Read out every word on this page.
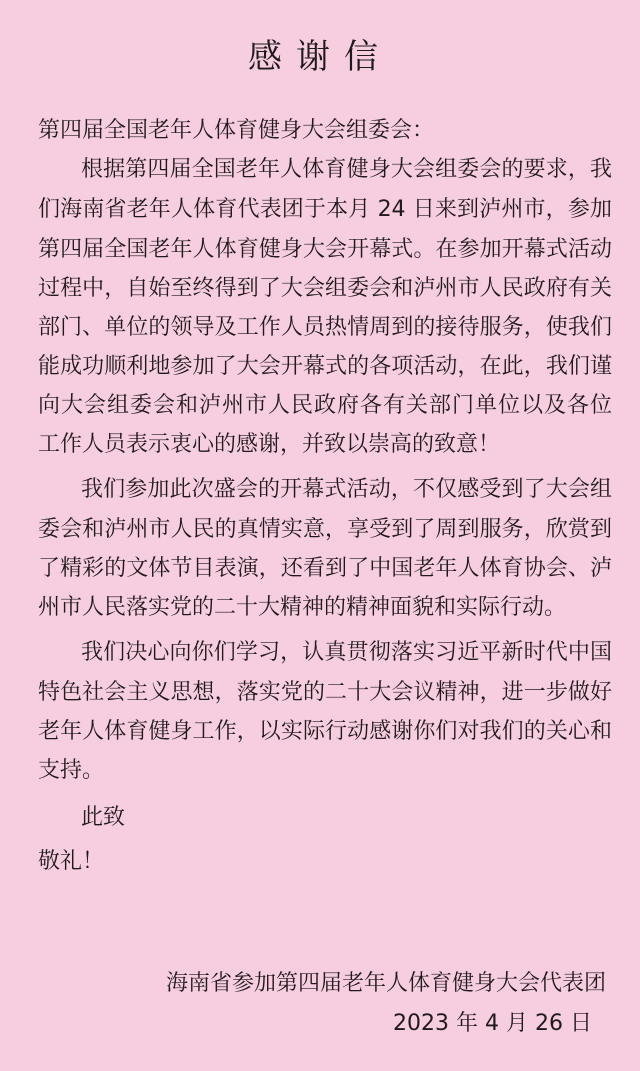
感谢信
第四届全国老年人体育健身大会组委会：
根据第四届全国老年人体育健身大会组委会的要求，我
们海南省老年人体育代表团于本月 24 日来到泸州市，参加
第四届全国老年人体育健身大会开幕式。在参加开幕式活动
过程中，自始至终得到了大会组委会和泸州市人民政府有关
部门、单位的领导及工作人员热情周到的接待服务，使我们
能成功顺利地参加了大会开幕式的各项活动，在此，我们谨
向大会组委会和泸州市人民政府各有关部门单位以及各位
工作人员表示衷心的感谢，并致以崇高的致意！
我们参加此次盛会的开幕式活动，不仅感受到了大会组
委会和泸州市人民的真情实意，享受到了周到服务，欣赏到
了精彩的文体节目表演，还看到了中国老年人体育协会、泸
州市人民落实党的二十大精神的精神面貌和实际行动。
我们决心向你们学习，认真贯彻落实习近平新时代中国
特色社会主义思想，落实党的二十大会议精神，进一步做好
老年人体育健身工作，以实际行动感谢你们对我们的关心和
支持。
此致
敬礼！
海南省参加第四届老年人体育健身大会代表团
2023 年 4 月 26 日
